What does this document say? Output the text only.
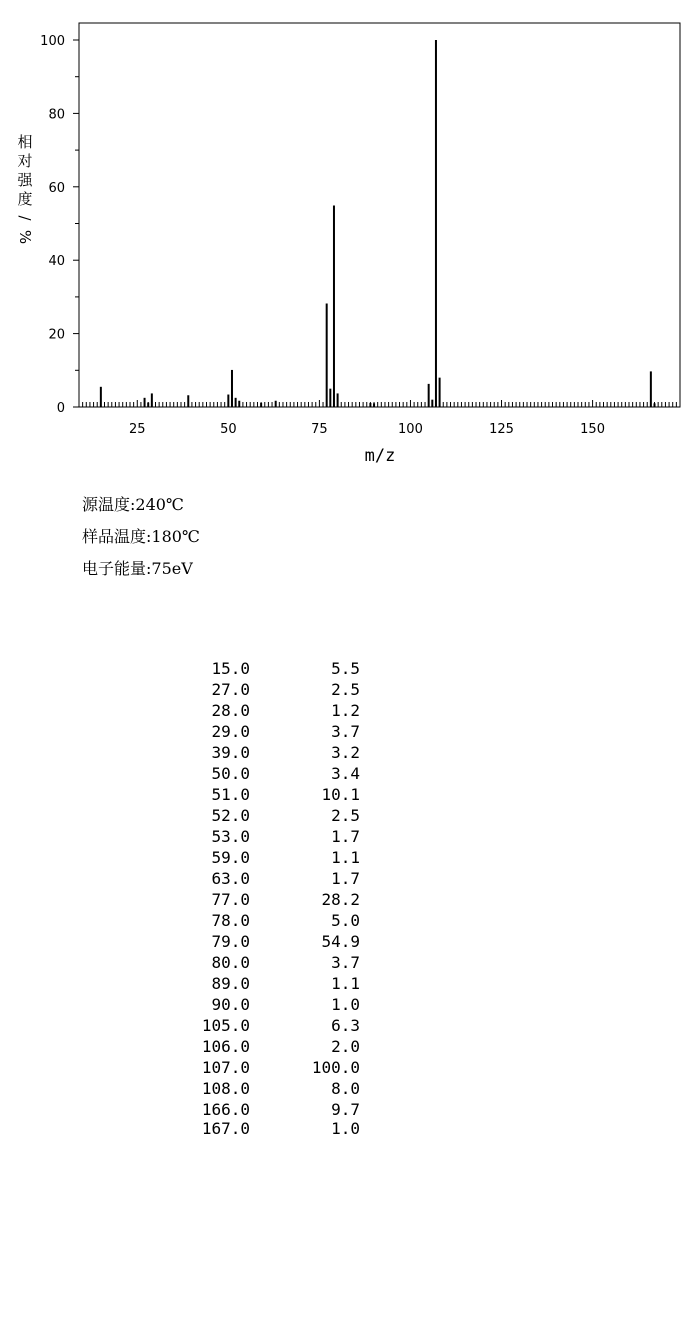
0
20
40
60
80
100
25	50	75	100	125	150
m/z
相
对
强
度
/
%
源温度:240℃
样品温度:180℃
电子能量:75eV
15.0	5.5
27.0	2.5
28.0	1.2
29.0	3.7
39.0	3.2
50.0	3.4
51.0	10.1
52.0	2.5
53.0	1.7
59.0	1.1
63.0	1.7
77.0	28.2
78.0	5.0
79.0	54.9
80.0	3.7
89.0	1.1
90.0	1.0
105.0	6.3
106.0	2.0
107.0	100.0
108.0	8.0
166.0	9.7
167.0	1.0
